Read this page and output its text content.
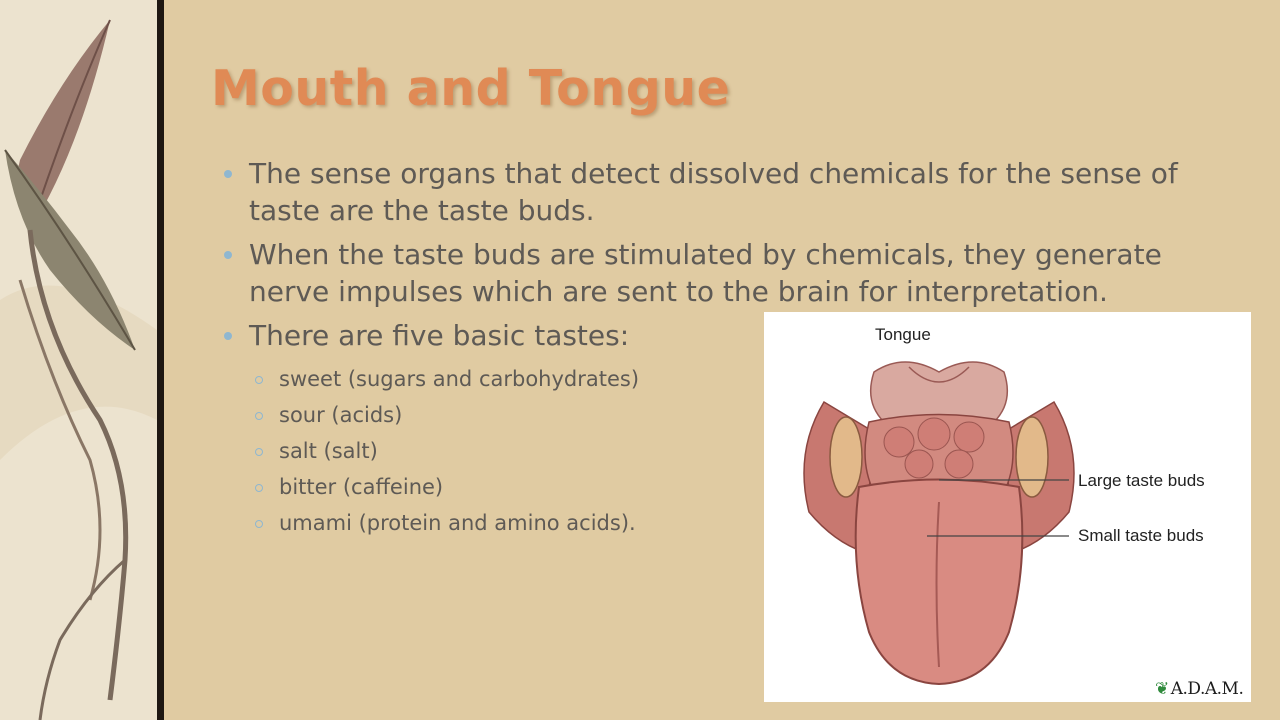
Mouth and Tongue
The sense organs that detect dissolved chemicals for the sense of taste are the taste buds.
When the taste buds are stimulated by chemicals, they generate nerve impulses which are sent to the brain for interpretation.
There are five basic tastes:
sweet (sugars and carbohydrates)
sour (acids)
salt (salt)
bitter (caffeine)
umami (protein and amino acids).
Tongue
Large taste buds
Small taste buds
❦ A.D.A.M.
